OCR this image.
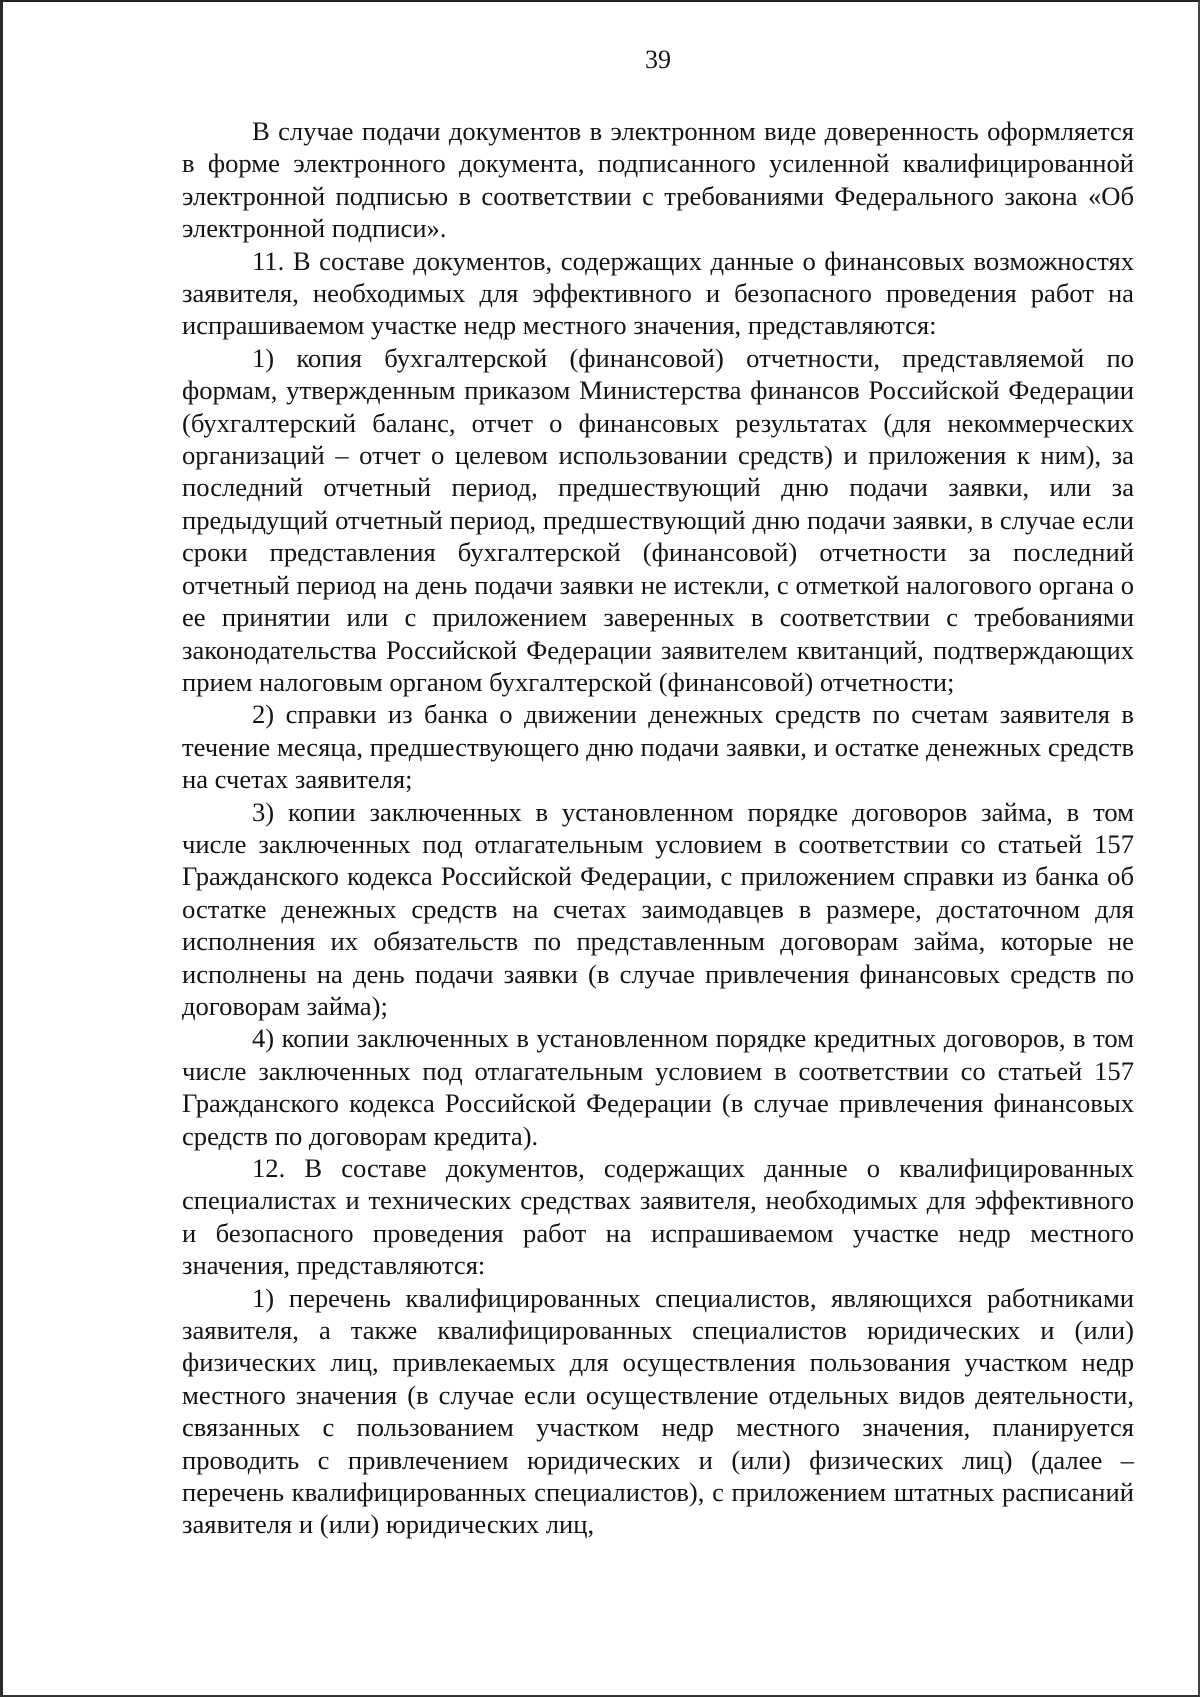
39

В случае подачи документов в электронном виде доверенность оформляется в форме электронного документа, подписанного усиленной квалифицированной электронной подписью в соответствии с требованиями Федерального закона «Об электронной подписи».

11. В составе документов, содержащих данные о финансовых возможностях заявителя, необходимых для эффективного и безопасного проведения работ на испрашиваемом участке недр местного значения, представляются:

1) копия бухгалтерской (финансовой) отчетности, представляемой по формам, утвержденным приказом Министерства финансов Российской Федерации (бухгалтерский баланс, отчет о финансовых результатах (для некоммерческих организаций – отчет о целевом использовании средств) и приложения к ним), за последний отчетный период, предшествующий дню подачи заявки, или за предыдущий отчетный период, предшествующий дню подачи заявки, в случае если сроки представления бухгалтерской (финансовой) отчетности за последний отчетный период на день подачи заявки не истекли, с отметкой налогового органа о ее принятии или с приложением заверенных в соответствии с требованиями законодательства Российской Федерации заявителем квитанций, подтверждающих прием налоговым органом бухгалтерской (финансовой) отчетности;

2) справки из банка о движении денежных средств по счетам заявителя в течение месяца, предшествующего дню подачи заявки, и остатке денежных средств на счетах заявителя;

3) копии заключенных в установленном порядке договоров займа, в том числе заключенных под отлагательным условием в соответствии со статьей 157 Гражданского кодекса Российской Федерации, с приложением справки из банка об остатке денежных средств на счетах заимодавцев в размере, достаточном для исполнения их обязательств по представленным договорам займа, которые не исполнены на день подачи заявки (в случае привлечения финансовых средств по договорам займа);

4) копии заключенных в установленном порядке кредитных договоров, в том числе заключенных под отлагательным условием в соответствии со статьей 157 Гражданского кодекса Российской Федерации (в случае привлечения финансовых средств по договорам кредита).

12. В составе документов, содержащих данные о квалифицированных специалистах и технических средствах заявителя, необходимых для эффективного и безопасного проведения работ на испрашиваемом участке недр местного значения, представляются:

1) перечень квалифицированных специалистов, являющихся работниками заявителя, а также квалифицированных специалистов юридических и (или) физических лиц, привлекаемых для осуществления пользования участком недр местного значения (в случае если осуществление отдельных видов деятельности, связанных с пользованием участком недр местного значения, планируется проводить с привлечением юридических и (или) физических лиц) (далее – перечень квалифицированных специалистов), с приложением штатных расписаний заявителя и (или) юридических лиц,
